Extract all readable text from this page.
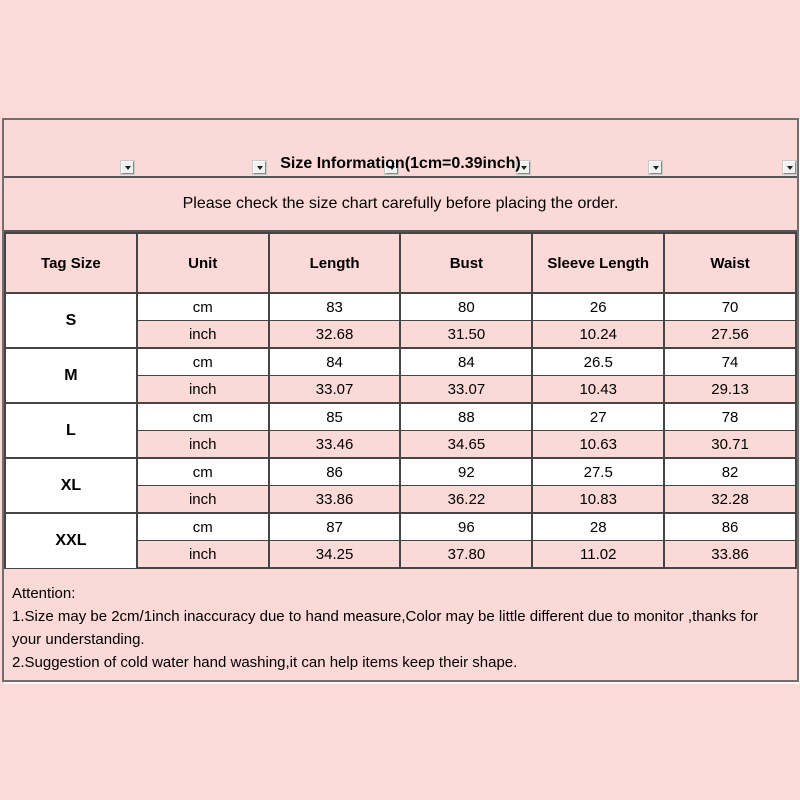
Size Information(1cm=0.39inch)
Please check the size chart carefully before placing the order.
Tag Size	Unit	Length	Bust	Sleeve Length	Waist
S	cm	83	80	26	70
	inch	32.68	31.50	10.24	27.56
M	cm	84	84	26.5	74
	inch	33.07	33.07	10.43	29.13
L	cm	85	88	27	78
	inch	33.46	34.65	10.63	30.71
XL	cm	86	92	27.5	82
	inch	33.86	36.22	10.83	32.28
XXL	cm	87	96	28	86
	inch	34.25	37.80	11.02	33.86

Attention:

1.Size may be 2cm/1inch inaccuracy due to hand measure,Color may be little different due to monitor ,thanks for your understanding.

2.Suggestion of cold water hand washing,it can help items keep their shape.
